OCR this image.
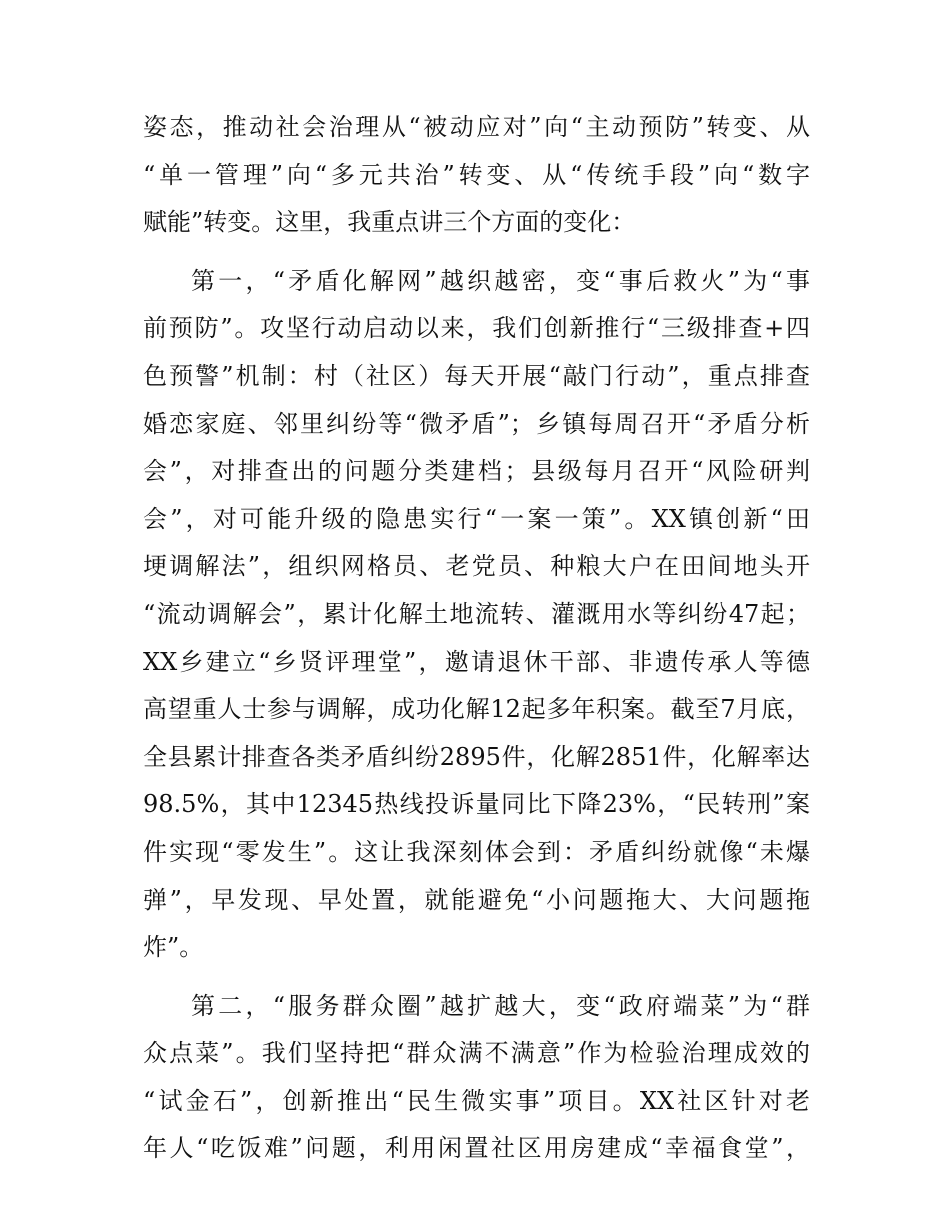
姿态，推动社会治理从“被动应对”向“主动预防”转变、从
“单一管理”向“多元共治”转变、从“传统手段”向“数字
赋能”转变。这里，我重点讲三个方面的变化：
第一，“矛盾化解网”越织越密，变“事后救火”为“事
前预防”。攻坚行动启动以来，我们创新推行“三级排查+四
色预警”机制：村（社区）每天开展“敲门行动”，重点排查
婚恋家庭、邻里纠纷等“微矛盾”；乡镇每周召开“矛盾分析
会”，对排查出的问题分类建档；县级每月召开“风险研判
会”，对可能升级的隐患实行“一案一策”。XX镇创新“田
埂调解法”，组织网格员、老党员、种粮大户在田间地头开
“流动调解会”，累计化解土地流转、灌溉用水等纠纷47起；
XX乡建立“乡贤评理堂”，邀请退休干部、非遗传承人等德
高望重人士参与调解，成功化解12起多年积案。截至7月底，
全县累计排查各类矛盾纠纷2895件，化解2851件，化解率达
98.5%，其中12345热线投诉量同比下降23%，“民转刑”案
件实现“零发生”。这让我深刻体会到：矛盾纠纷就像“未爆
弹”，早发现、早处置，就能避免“小问题拖大、大问题拖
炸”。
第二，“服务群众圈”越扩越大，变“政府端菜”为“群
众点菜”。我们坚持把“群众满不满意”作为检验治理成效的
“试金石”，创新推出“民生微实事”项目。XX社区针对老
年人“吃饭难”问题，利用闲置社区用房建成“幸福食堂”，
